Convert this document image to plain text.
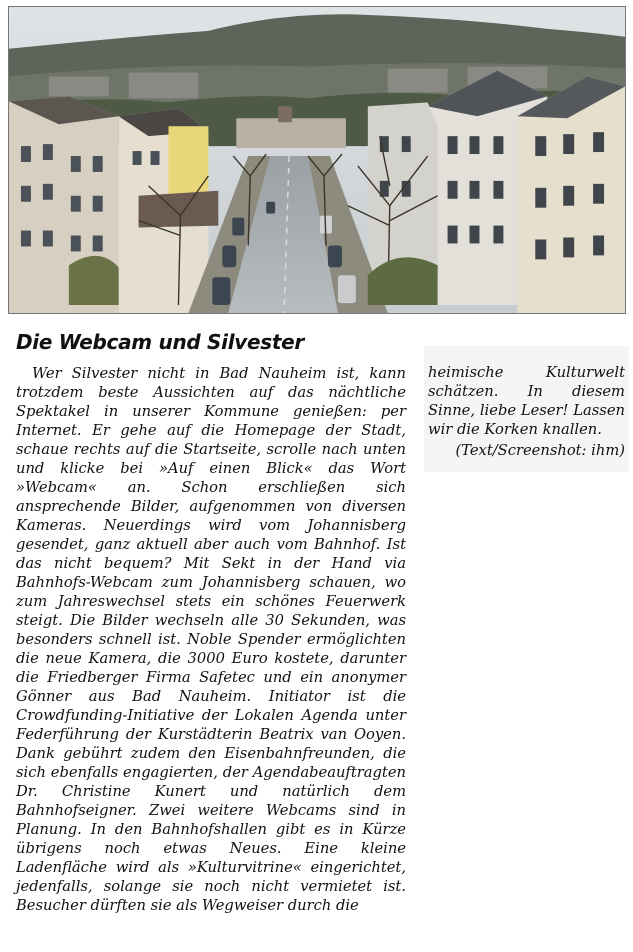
Die Webcam und Silvester

Wer Silvester nicht in Bad Nauheim ist, kann trotzdem beste Aussichten auf das nächtliche Spektakel in unserer Kommune genießen: per Internet. Er gehe auf die Homepage der Stadt, schaue rechts auf die Startseite, scrolle nach unten und klicke bei »Auf einen Blick« das Wort »Webcam« an. Schon erschließen sich ansprechende Bilder, aufgenommen von diversen Kameras. Neuerdings wird vom Johannisberg gesendet, ganz aktuell aber auch vom Bahnhof. Ist das nicht bequem? Mit Sekt in der Hand via Bahnhofs-Webcam zum Johannisberg schauen, wo zum Jahreswechsel stets ein schönes Feuerwerk steigt. Die Bilder wechseln alle 30 Sekunden, was besonders schnell ist. Noble Spender ermöglichten die neue Kamera, die 3000 Euro kostete, darunter die Friedberger Firma Safetec und ein anonymer Gönner aus Bad Nauheim. Initiator ist die Crowdfunding-Initiative der Lokalen Agenda unter Federführung der Kurstädterin Beatrix van Ooyen. Dank gebührt zudem den Eisenbahnfreunden, die sich ebenfalls engagierten, der Agendabeauftragten Dr. Christine Kunert und natürlich dem Bahnhofseigner. Zwei weitere Webcams sind in Planung. In den Bahnhofshallen gibt es in Kürze übrigens noch etwas Neues. Eine kleine Ladenfläche wird als »Kulturvitrine« eingerichtet, jedenfalls, solange sie noch nicht vermietet ist. Besucher dürften sie als Wegweiser durch die

heimische Kulturwelt schätzen. In diesem Sinne, liebe Leser! Lassen wir die Korken knallen.

(Text/Screenshot: ihm)
